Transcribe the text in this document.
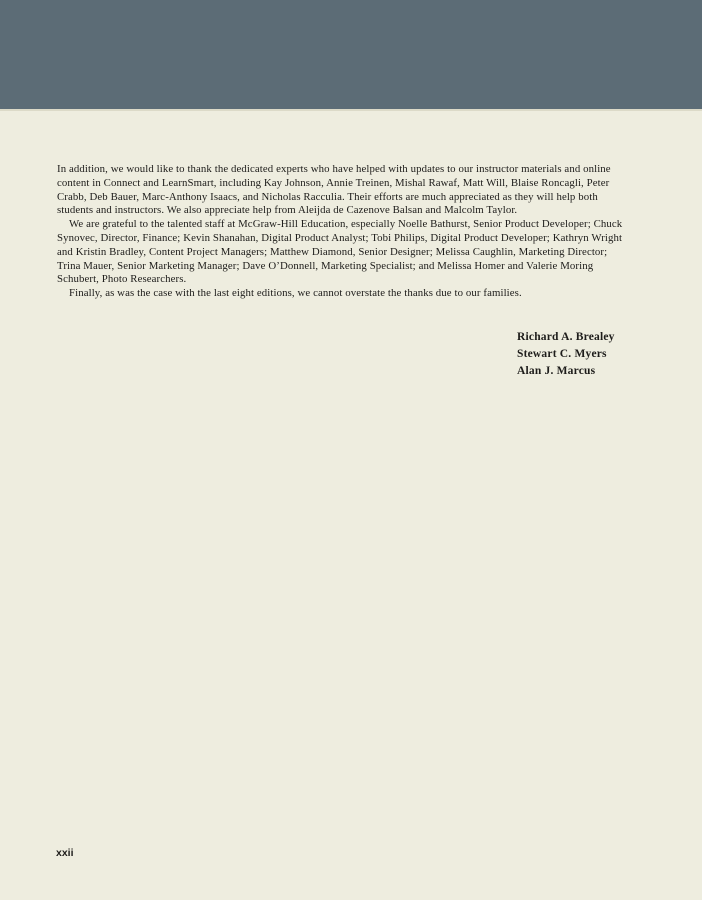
In addition, we would like to thank the dedicated experts who have helped with updates to our instructor materials and online content in Connect and LearnSmart, including Kay Johnson, Annie Treinen, Mishal Rawaf, Matt Will, Blaise Roncagli, Peter Crabb, Deb Bauer, Marc-Anthony Isaacs, and Nicholas Racculia. Their efforts are much appreciated as they will help both students and instructors. We also appreciate help from Aleijda de Cazenove Balsan and Malcolm Taylor.

We are grateful to the talented staff at McGraw-Hill Education, especially Noelle Bathurst, Senior Product Developer; Chuck Synovec, Director, Finance; Kevin Shanahan, Digital Product Analyst; Tobi Philips, Digital Product Developer; Kathryn Wright and Kristin Bradley, Content Project Managers; Matthew Diamond, Senior Designer; Melissa Caughlin, Marketing Director; Trina Mauer, Senior Marketing Manager; Dave O’Donnell, Marketing Specialist; and Melissa Homer and Valerie Moring Schubert, Photo Researchers.

Finally, as was the case with the last eight editions, we cannot overstate the thanks due to our families.

Richard A. Brealey
Stewart C. Myers
Alan J. Marcus
xxii
